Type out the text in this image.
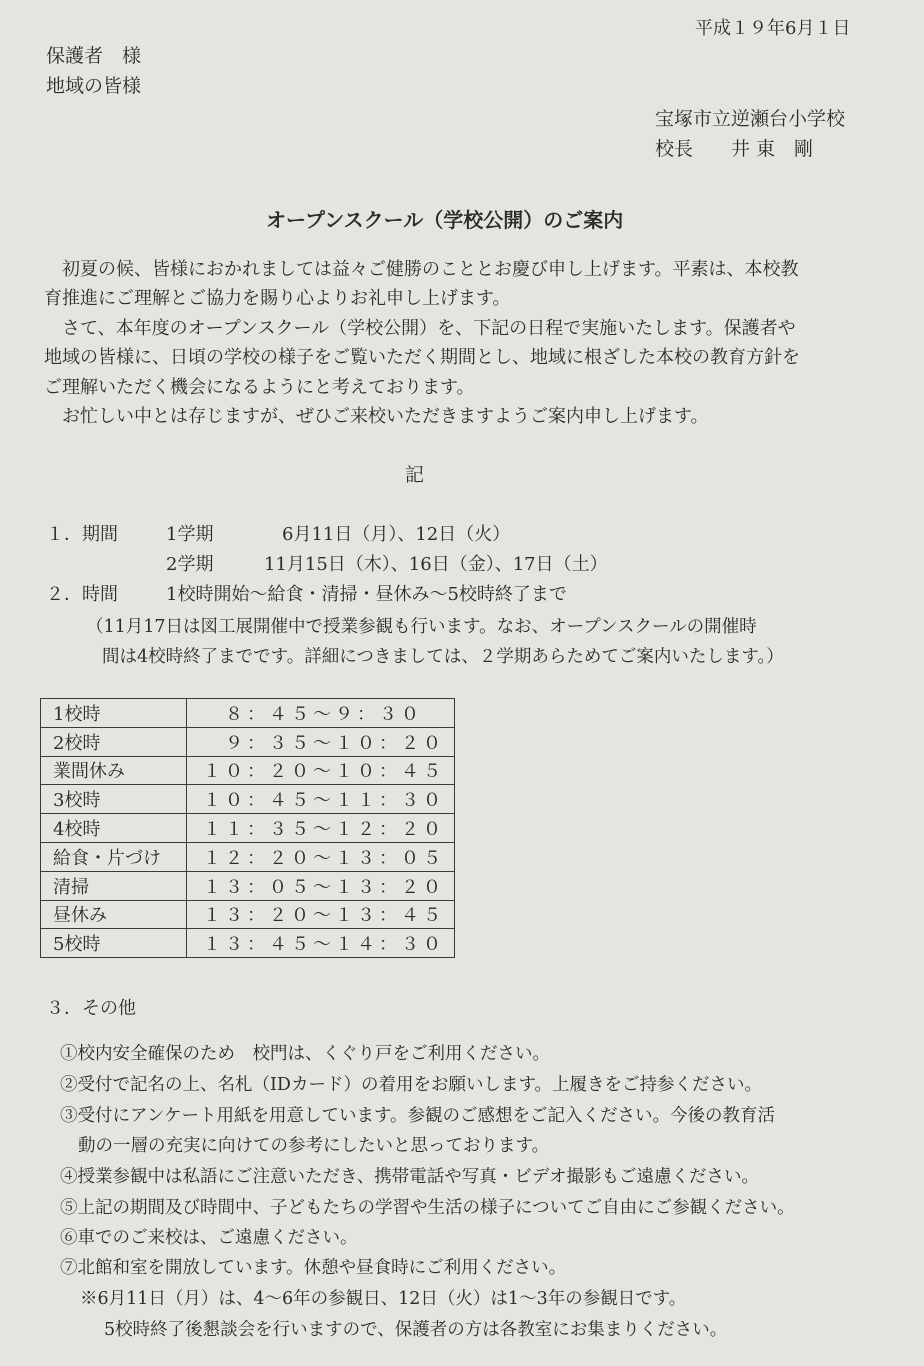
平成１９年6月１日
保護者　様
地域の皆様
宝塚市立逆瀬台小学校
校長　　井 東　剛
オープンスクール（学校公開）のご案内
初夏の候、皆様におかれましては益々ご健勝のこととお慶び申し上げます。平素は、本校教
育推進にご理解とご協力を賜り心よりお礼申し上げます。
さて、本年度のオープンスクール（学校公開）を、下記の日程で実施いたします。保護者や
地域の皆様に、日頃の学校の様子をご覧いただく期間とし、地域に根ざした本校の教育方針を
ご理解いただく機会になるようにと考えております。
お忙しい中とは存じますが、ぜひご来校いただきますようご案内申し上げます。
記
１．期間	1学期	6月11日（月）、12日（火）
2学期	11月15日（木）、16日（金）、17日（土）
２．時間	1校時開始～給食・清掃・昼休み～5校時終了まで
（11月17日は図工展開催中で授業参観も行います。なお、オープンスクールの開催時
間は4校時終了までです。詳細につきましては、２学期あらためてご案内いたします。）
1校時	　８：４５～９：３０
2校時	　９：３５～１０：２０
業間休み	１０：２０～１０：４５
3校時	１０：４５～１１：３０
4校時	１１：３５～１２：２０
給食・片づけ	１２：２０～１３：０５
清掃	１３：０５～１３：２０
昼休み	１３：２０～１３：４５
5校時	１３：４５～１４：３０
３．その他
①校内安全確保のため　校門は、くぐり戸をご利用ください。
②受付で記名の上、名札（IDカード）の着用をお願いします。上履きをご持参ください。
③受付にアンケート用紙を用意しています。参観のご感想をご記入ください。今後の教育活
動の一層の充実に向けての参考にしたいと思っております。
④授業参観中は私語にご注意いただき、携帯電話や写真・ビデオ撮影もご遠慮ください。
⑤上記の期間及び時間中、子どもたちの学習や生活の様子についてご自由にご参観ください。
⑥車でのご来校は、ご遠慮ください。
⑦北館和室を開放しています。休憩や昼食時にご利用ください。
※6月11日（月）は、4～6年の参観日、12日（火）は1～3年の参観日です。
5校時終了後懇談会を行いますので、保護者の方は各教室にお集まりください。
